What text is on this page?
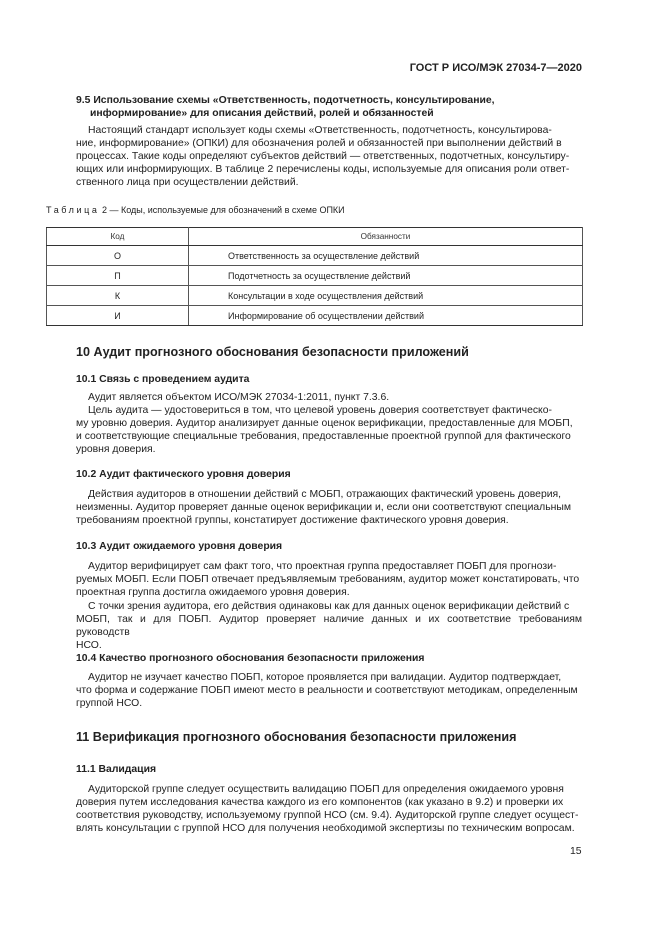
ГОСТ Р ИСО/МЭК 27034-7—2020
9.5 Использование схемы «Ответственность, подотчетность, консультирование,
информирование» для описания действий, ролей и обязанностей
Настоящий стандарт использует коды схемы «Ответственность, подотчетность, консультирова-
ние, информирование» (ОПКИ) для обозначения ролей и обязанностей при выполнении действий в
процессах. Такие коды определяют субъектов действий — ответственных, подотчетных, консультиру-
ющих или информирующих. В таблице 2 перечислены коды, используемые для описания роли ответ-
ственного лица при осуществлении действий.
Таблица 2 — Коды, используемые для обозначений в схеме ОПКИ
Код	Обязанности
О	Ответственность за осуществление действий
П	Подотчетность за осуществление действий
К	Консультации в ходе осуществления действий
И	Информирование об осуществлении действий
10 Аудит прогнозного обоснования безопасности приложений
10.1 Связь с проведением аудита
Аудит является объектом ИСО/МЭК 27034-1:2011, пункт 7.3.6.
Цель аудита — удостовериться в том, что целевой уровень доверия соответствует фактическо-
му уровню доверия. Аудитор анализирует данные оценок верификации, предоставленные для МОБП,
и соответствующие специальные требования, предоставленные проектной группой для фактического
уровня доверия.
10.2 Аудит фактического уровня доверия
Действия аудиторов в отношении действий с МОБП, отражающих фактический уровень доверия,
неизменны. Аудитор проверяет данные оценок верификации и, если они соответствуют специальным
требованиям проектной группы, констатирует достижение фактического уровня доверия.
10.3 Аудит ожидаемого уровня доверия
Аудитор верифицирует сам факт того, что проектная группа предоставляет ПОБП для прогнози-
руемых МОБП. Если ПОБП отвечает предъявляемым требованиям, аудитор может констатировать, что
проектная группа достигла ожидаемого уровня доверия.
С точки зрения аудитора, его действия одинаковы как для данных оценок верификации действий с
МОБП, так и для ПОБП. Аудитор проверяет наличие данных и их соответствие требованиям руководств
НСО.
10.4 Качество прогнозного обоснования безопасности приложения
Аудитор не изучает качество ПОБП, которое проявляется при валидации. Аудитор подтверждает,
что форма и содержание ПОБП имеют место в реальности и соответствуют методикам, определенным
группой НСО.
11 Верификация прогнозного обоснования безопасности приложения
11.1 Валидация
Аудиторской группе следует осуществить валидацию ПОБП для определения ожидаемого уровня
доверия путем исследования качества каждого из его компонентов (как указано в 9.2) и проверки их
соответствия руководству, используемому группой НСО (см. 9.4). Аудиторской группе следует осущест-
влять консультации с группой НСО для получения необходимой экспертизы по техническим вопросам.
15
